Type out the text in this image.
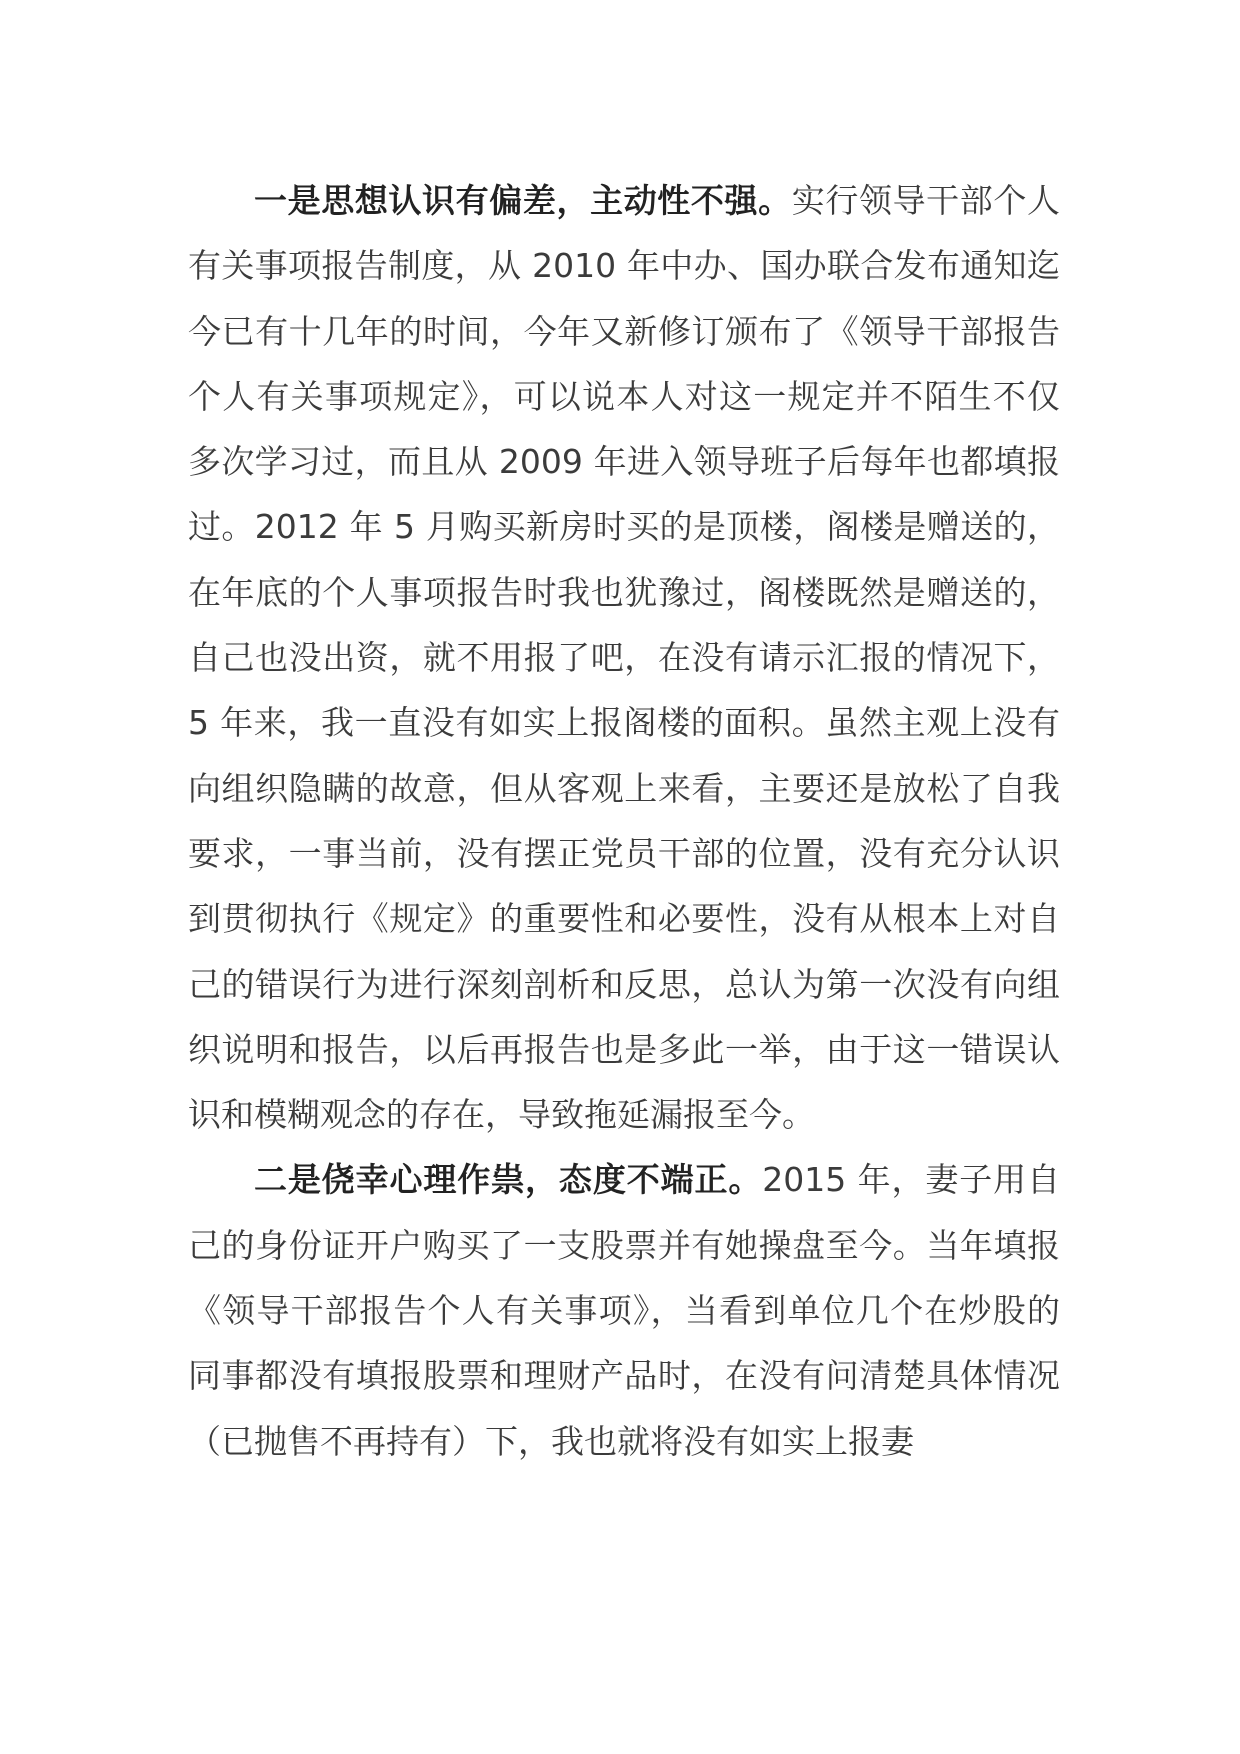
一是思想认识有偏差，主动性不强。实行领导干部个人有关事项报告制度，从 2010 年中办、国办联合发布通知迄今已有十几年的时间，今年又新修订颁布了《领导干部报告个人有关事项规定》，可以说本人对这一规定并不陌生不仅多次学习过，而且从 2009 年进入领导班子后每年也都填报过。2012 年 5 月购买新房时买的是顶楼，阁楼是赠送的，在年底的个人事项报告时我也犹豫过，阁楼既然是赠送的，自己也没出资，就不用报了吧，在没有请示汇报的情况下，5 年来，我一直没有如实上报阁楼的面积。虽然主观上没有向组织隐瞒的故意，但从客观上来看，主要还是放松了自我要求，一事当前，没有摆正党员干部的位置，没有充分认识到贯彻执行《规定》的重要性和必要性，没有从根本上对自己的错误行为进行深刻剖析和反思，总认为第一次没有向组织说明和报告，以后再报告也是多此一举，由于这一错误认识和模糊观念的存在，导致拖延漏报至今。

二是侥幸心理作祟，态度不端正。2015 年，妻子用自己的身份证开户购买了一支股票并有她操盘至今。当年填报《领导干部报告个人有关事项》，当看到单位几个在炒股的同事都没有填报股票和理财产品时，在没有问清楚具体情况（已抛售不再持有）下，我也就将没有如实上报妻
